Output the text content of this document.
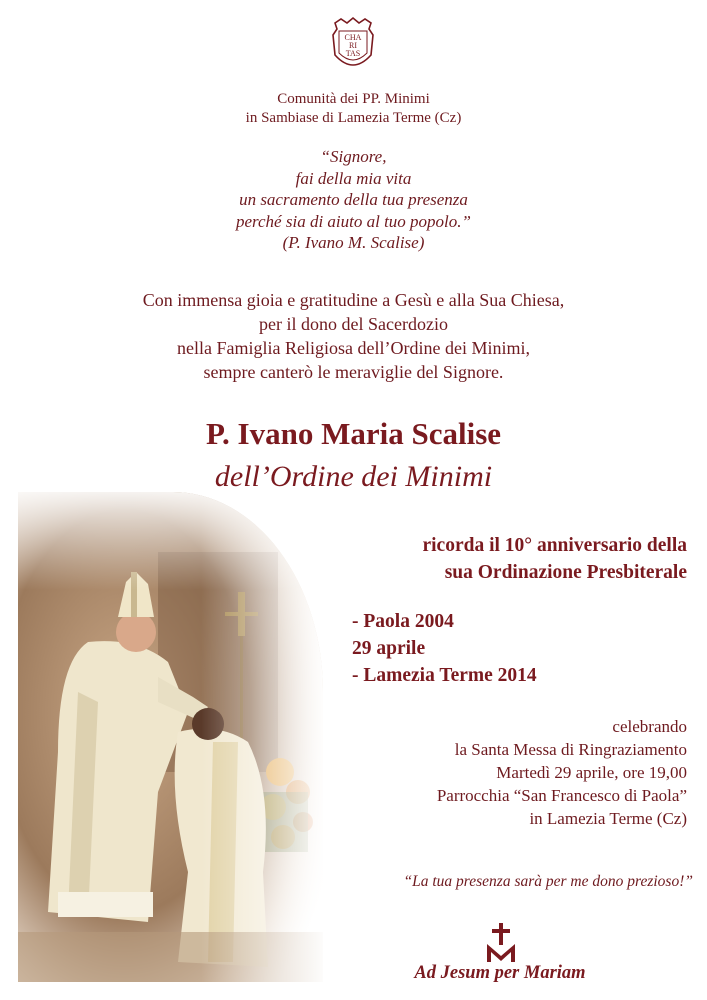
CHA
RI
TAS
Comunità dei PP. Minimi
in Sambiase di Lamezia Terme (Cz)
“Signore,
fai della mia vita
un sacramento della tua presenza
perché sia di aiuto al tuo popolo.”
(P. Ivano M. Scalise)
Con immensa gioia e gratitudine a Gesù e alla Sua Chiesa,
per il dono del Sacerdozio
nella Famiglia Religiosa dell’Ordine dei Minimi,
sempre canterò le meraviglie del Signore.
P. Ivano Maria Scalise
dell’Ordine dei Minimi
ricorda il 10° anniversario della
sua Ordinazione Presbiterale
- Paola 2004
29 aprile
- Lamezia Terme 2014
celebrando
la Santa Messa di Ringraziamento
Martedì 29 aprile, ore 19,00
Parrocchia “San Francesco di Paola”
in Lamezia Terme (Cz)
“La tua presenza sarà per me dono prezioso!”
Ad Jesum per Mariam
